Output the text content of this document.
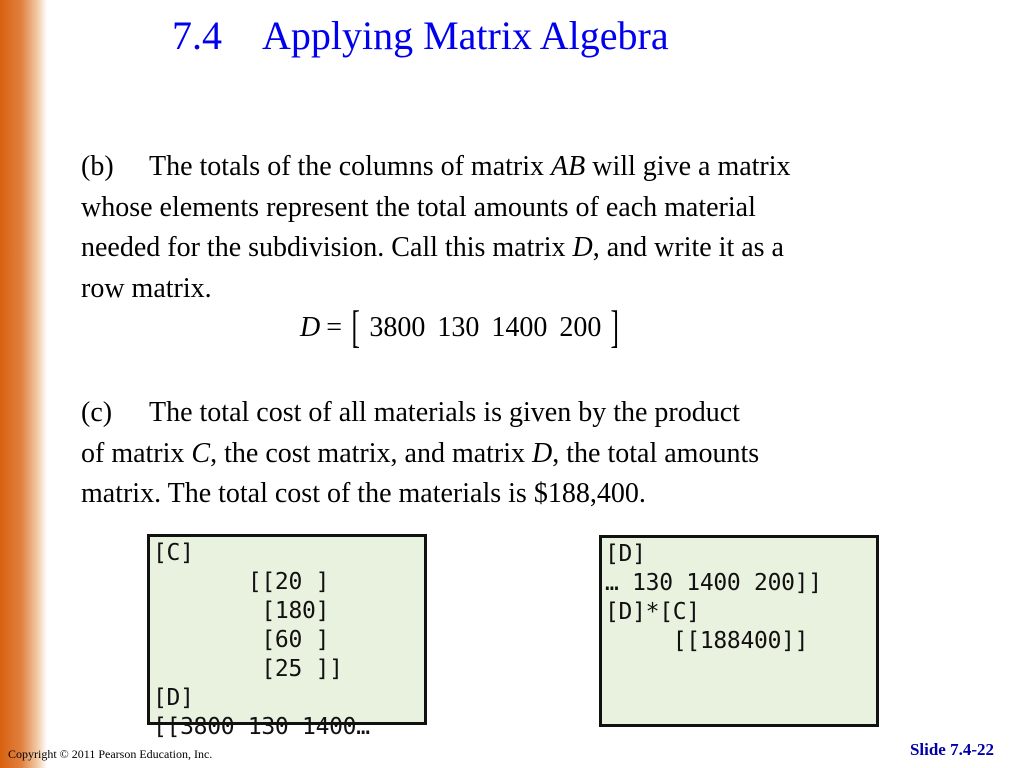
7.4 Applying Matrix Algebra
(b) The totals of the columns of matrix AB will give a matrix
whose elements represent the total amounts of each material
needed for the subdivision. Call this matrix D, and write it as a
row matrix.
D = [ 3800 130 1400 200 ]
(c) The total cost of all materials is given by the product
of matrix C, the cost matrix, and matrix D, the total amounts
matrix. The total cost of the materials is $188,400.
[C]
[[20 ]
[180]
[60 ]
[25 ]]
[D]
[[3800 130 1400…
[D]
… 130 1400 200]]
[D]*[C]
[[188400]]
Copyright © 2011 Pearson Education, Inc.	Slide 7.4-22
